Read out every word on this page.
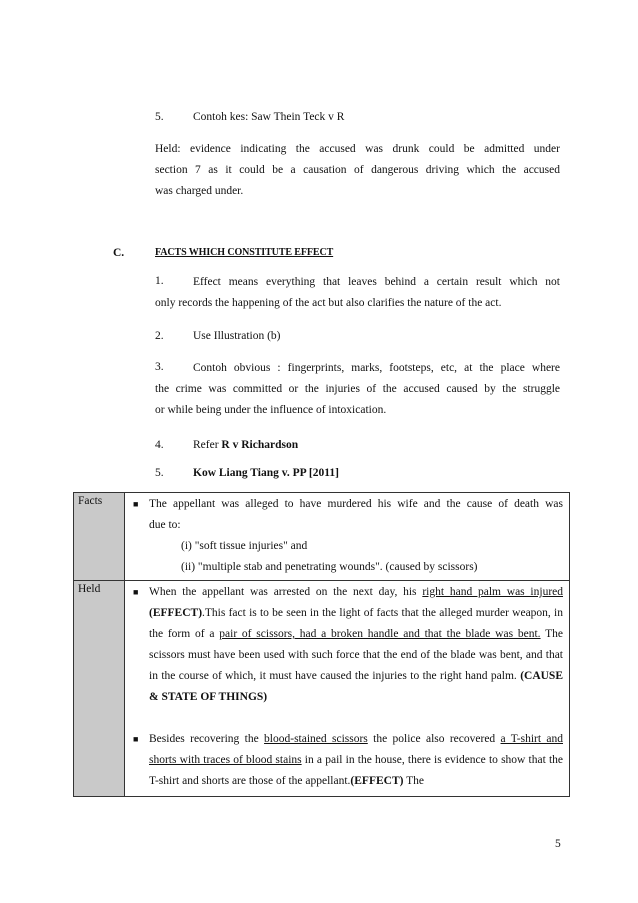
5.	Contoh kes: Saw Thein Teck v R
Held: evidence indicating the accused was drunk could be admitted under
section 7 as it could be a causation of dangerous driving which the accused
was charged under.
C.	FACTS WHICH CONSTITUTE EFFECT
1.	Effect means everything that leaves behind a certain result which not
only records the happening of the act but also clarifies the nature of the act.
2.	Use Illustration (b)
3.	Contoh obvious : fingerprints, marks, footsteps, etc, at the place where
the crime was committed or the injuries of the accused caused by the struggle
or while being under the influence of intoxication.
4.	Refer R v Richardson
5.	Kow Liang Tiang v. PP [2011]
Facts	■ The appellant was alleged to have murdered his wife and the cause of death was
due to:
(i) "soft tissue injuries" and
(ii) "multiple stab and penetrating wounds". (caused by scissors)

Held	■ When the appellant was arrested on the next day, his right hand palm was injured (EFFECT).This fact is to be seen in the light of facts that the alleged murder weapon, in the form of a pair of scissors, had a broken handle and that the blade was bent. The scissors must have been used with such force that the end of the blade was bent, and that in the course of which, it must have caused the injuries to the right hand palm. (CAUSE & STATE OF THINGS)
■ Besides recovering the blood-stained scissors the police also recovered a T-shirt and shorts with traces of blood stains in a pail in the house, there is evidence to show that the T-shirt and shorts are those of the appellant.(EFFECT) The
5
